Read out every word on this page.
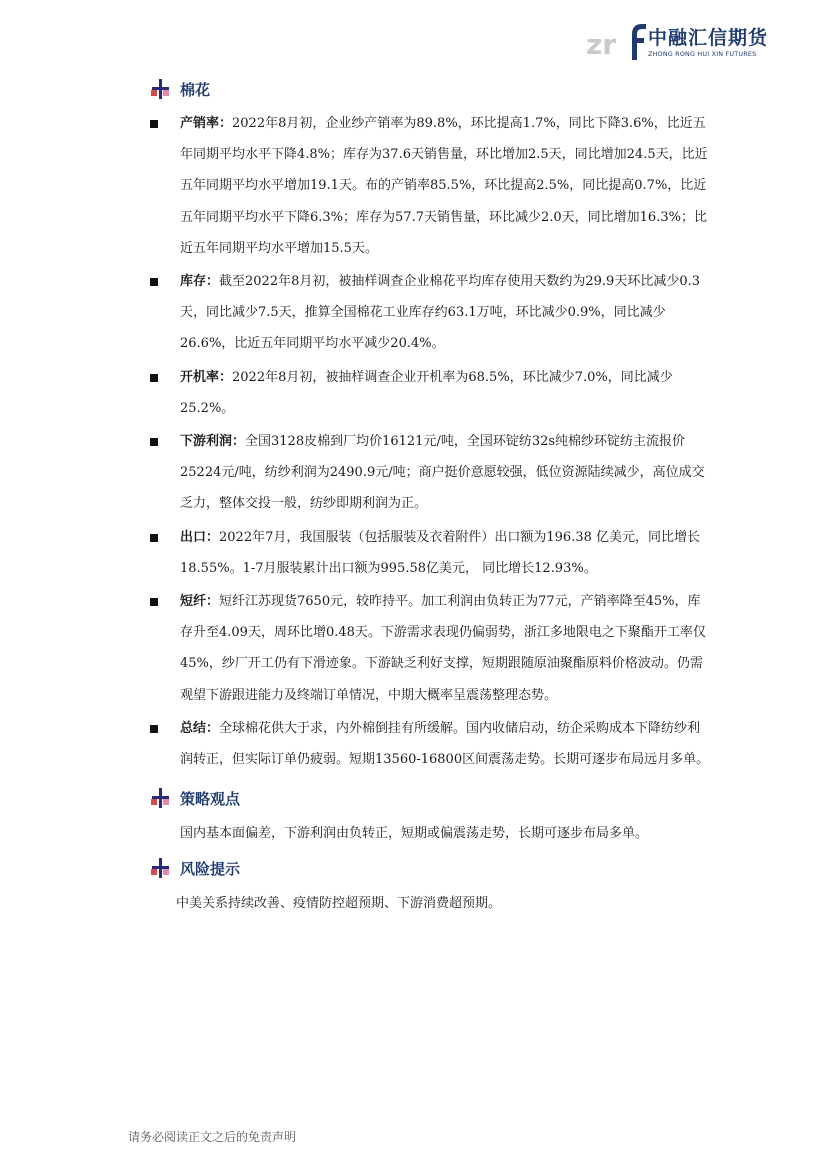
zr 中融汇信期货
ZHONG RONG HUI XIN FUTURES
棉花
产销率：2022年8月初，企业纱产销率为89.8%，环比提高1.7%，同比下降3.6%，比近五年同期平均水平下降4.8%；库存为37.6天销售量，环比增加2.5天，同比增加24.5天，比近五年同期平均水平增加19.1天。布的产销率85.5%，环比提高2.5%，同比提高0.7%，比近五年同期平均水平下降6.3%；库存为57.7天销售量，环比减少2.0天，同比增加16.3%；比近五年同期平均水平增加15.5天。
库存：截至2022年8月初，被抽样调查企业棉花平均库存使用天数约为29.9天环比减少0.3天，同比减少7.5天，推算全国棉花工业库存约63.1万吨，环比减少0.9%，同比减少26.6%，比近五年同期平均水平减少20.4%。
开机率：2022年8月初，被抽样调查企业开机率为68.5%，环比减少7.0%，同比减少25.2%。
下游利润：全国3128皮棉到厂均价16121元/吨，全国环锭纺32s纯棉纱环锭纺主流报价25224元/吨，纺纱利润为2490.9元/吨；商户挺价意愿较强，低位资源陆续减少，高位成交乏力，整体交投一般，纺纱即期利润为正。
出口：2022年7月，我国服装（包括服装及衣着附件）出口额为196.38 亿美元，同比增长18.55%。1-7月服装累计出口额为995.58亿美元， 同比增长12.93%。
短纤：短纤江苏现货7650元，较昨持平。加工利润由负转正为77元，产销率降至45%，库存升至4.09天，周环比增0.48天。下游需求表现仍偏弱势，浙江多地限电之下聚酯开工率仅45%，纱厂开工仍有下滑迹象。下游缺乏利好支撑，短期跟随原油聚酯原料价格波动。仍需观望下游跟进能力及终端订单情况，中期大概率呈震荡整理态势。
总结：全球棉花供大于求，内外棉倒挂有所缓解。国内收储启动，纺企采购成本下降纺纱利润转正，但实际订单仍疲弱。短期13560-16800区间震荡走势。长期可逐步布局远月多单。
策略观点

国内基本面偏差，下游利润由负转正，短期或偏震荡走势，长期可逐步布局多单。

风险提示

中美关系持续改善、疫情防控超预期、下游消费超预期。

请务必阅读正文之后的免责声明
